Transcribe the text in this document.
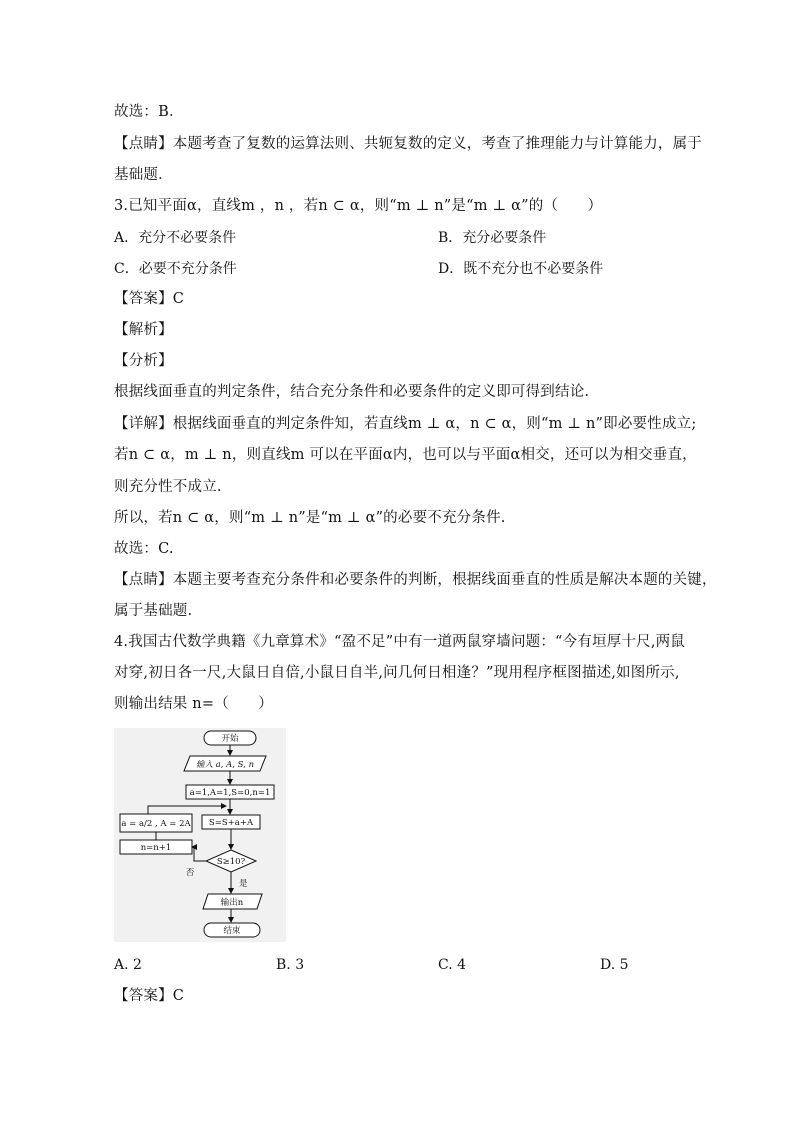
故选：B．
【点睛】本题考查了复数的运算法则、共轭复数的定义，考查了推理能力与计算能力，属于
基础题．
3.已知平面α，直线m ，n ，若n ⊂ α，则“m ⊥ n”是“m ⊥ α”的（　　）
A．充分不必要条件	B．充分必要条件
C．必要不充分条件	D．既不充分也不必要条件
【答案】C
【解析】
【分析】
根据线面垂直的判定条件，结合充分条件和必要条件的定义即可得到结论.
【详解】根据线面垂直的判定条件知，若直线m ⊥ α，n ⊂ α，则“m ⊥ n”即必要性成立;
若n ⊂ α，m ⊥ n，则直线m 可以在平面α内，也可以与平面α相交，还可以为相交垂直，
则充分性不成立.
所以，若n ⊂ α，则“m ⊥ n”是“m ⊥ α”的必要不充分条件.
故选：C.
【点睛】本题主要考查充分条件和必要条件的判断，根据线面垂直的性质是解决本题的关键，
属于基础题.
4.我国古代数学典籍《九章算术》“盈不足”中有一道两鼠穿墙问题：“今有垣厚十尺,两鼠
对穿,初日各一尺,大鼠日自倍,小鼠日自半,问几何日相逢？”现用程序框图描述,如图所示,
则输出结果 n=（　　）
开始
输入 a, A, S, n
a=1,A=1,S=0,n=1
a = a/2 , A = 2A S=S+a+A
n=n+1
S≥10?
否
是
输出n
结束
A. 2	B. 3	C. 4	D. 5
【答案】C
